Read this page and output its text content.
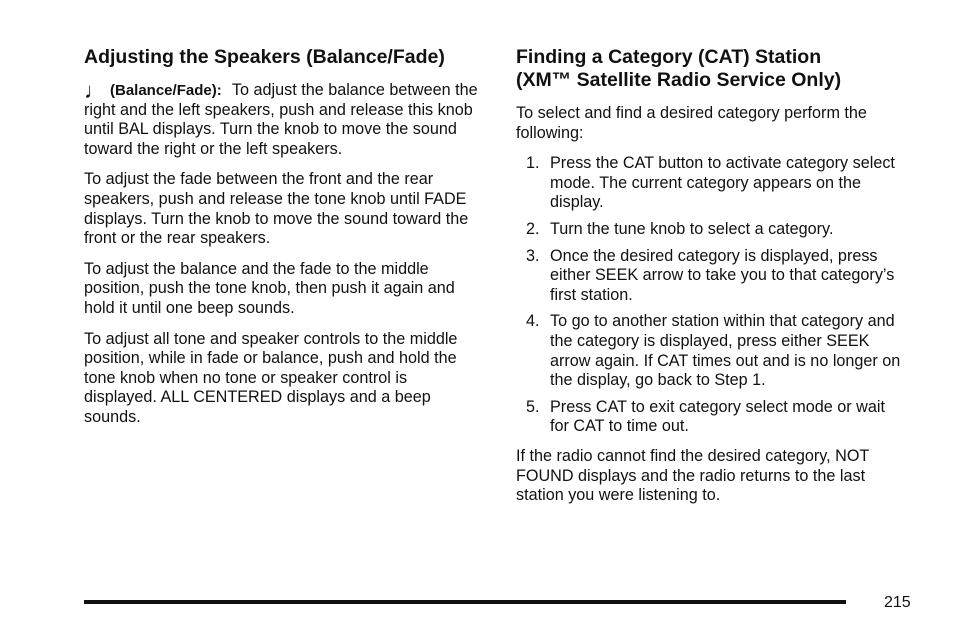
Adjusting the Speakers (Balance/Fade)

♩ (Balance/Fade): To adjust the balance between the right and the left speakers, push and release this knob until BAL displays. Turn the knob to move the sound toward the right or the left speakers.

To adjust the fade between the front and the rear speakers, push and release the tone knob until FADE displays. Turn the knob to move the sound toward the front or the rear speakers.

To adjust the balance and the fade to the middle position, push the tone knob, then push it again and hold it until one beep sounds.

To adjust all tone and speaker controls to the middle position, while in fade or balance, push and hold the tone knob when no tone or speaker control is displayed. ALL CENTERED displays and a beep sounds.

Finding a Category (CAT) Station
(XM™ Satellite Radio Service Only)

To select and find a desired category perform the following:

1. Press the CAT button to activate category select mode. The current category appears on the display.
2. Turn the tune knob to select a category.
3. Once the desired category is displayed, press either SEEK arrow to take you to that category’s first station.
4. To go to another station within that category and the category is displayed, press either SEEK arrow again. If CAT times out and is no longer on the display, go back to Step 1.
5. Press CAT to exit category select mode or wait for CAT to time out.

If the radio cannot find the desired category, NOT FOUND displays and the radio returns to the last station you were listening to.

215
